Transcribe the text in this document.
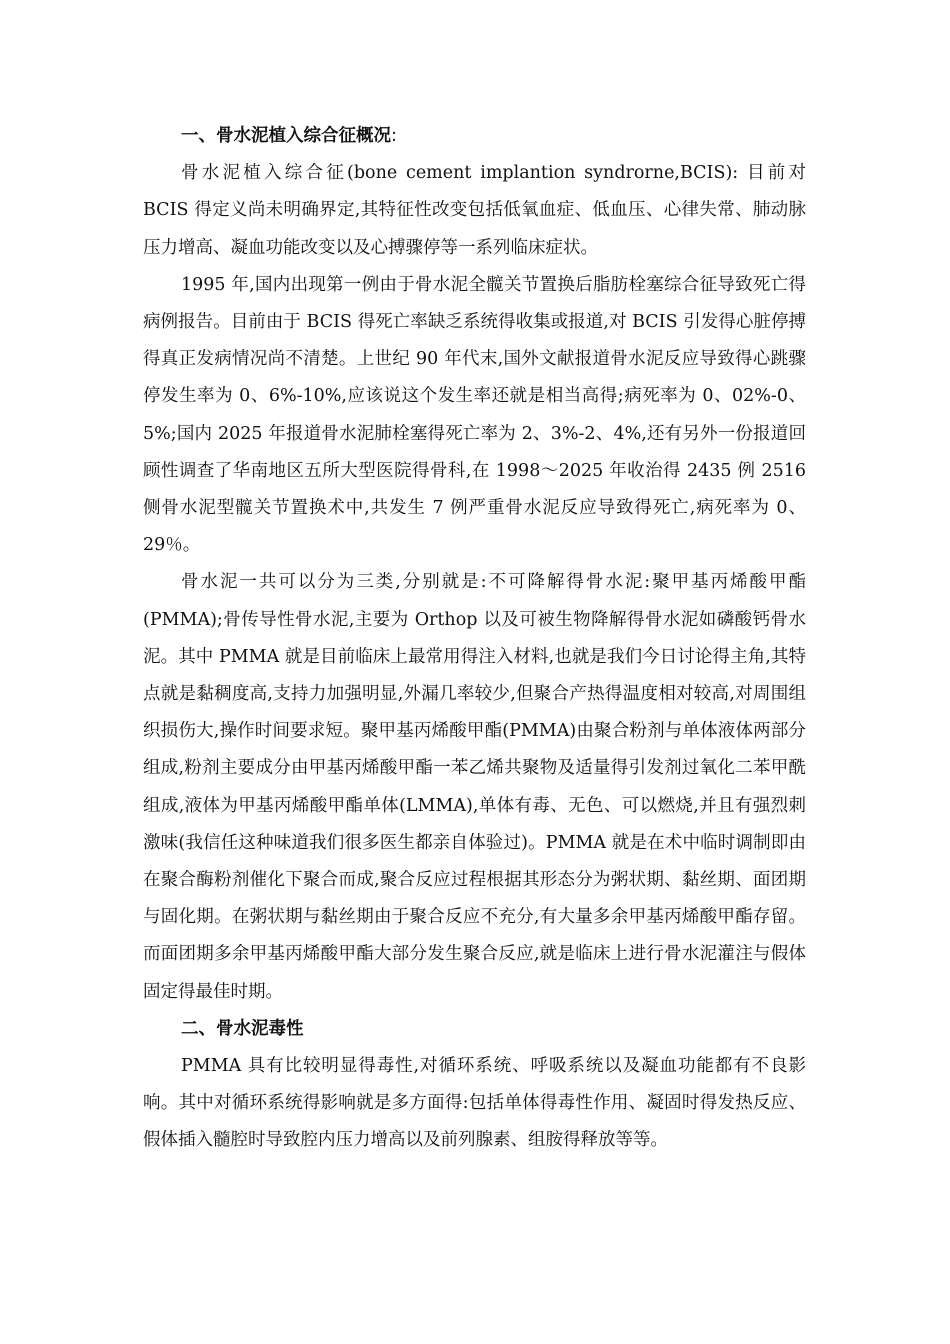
一、骨水泥植入综合征概况:

骨水泥植入综合征(bone cement implantion syndrorne,BCIS): 目前对 BCIS 得定义尚未明确界定,其特征性改变包括低氧血症、低血压、心律失常、肺动脉压力增高、凝血功能改变以及心搏骤停等一系列临床症状。

1995 年,国内出现第一例由于骨水泥全髋关节置换后脂肪栓塞综合征导致死亡得病例报告。目前由于 BCIS 得死亡率缺乏系统得收集或报道,对 BCIS 引发得心脏停搏得真正发病情况尚不清楚。上世纪 90 年代末,国外文献报道骨水泥反应导致得心跳骤停发生率为 0、6%-10%,应该说这个发生率还就是相当高得;病死率为 0、02%-0、5%;国内 2025 年报道骨水泥肺栓塞得死亡率为 2、3%-2、4%,还有另外一份报道回顾性调查了华南地区五所大型医院得骨科,在 1998～2025 年收治得 2435 例 2516 侧骨水泥型髋关节置换术中,共发生 7 例严重骨水泥反应导致得死亡,病死率为 0、29％。

骨水泥一共可以分为三类,分别就是:不可降解得骨水泥:聚甲基丙烯酸甲酯(PMMA);骨传导性骨水泥,主要为 Orthop 以及可被生物降解得骨水泥如磷酸钙骨水泥。其中 PMMA 就是目前临床上最常用得注入材料,也就是我们今日讨论得主角,其特点就是黏稠度高,支持力加强明显,外漏几率较少,但聚合产热得温度相对较高,对周围组织损伤大,操作时间要求短。聚甲基丙烯酸甲酯(PMMA)由聚合粉剂与单体液体两部分组成,粉剂主要成分由甲基丙烯酸甲酯一苯乙烯共聚物及适量得引发剂过氧化二苯甲酰组成,液体为甲基丙烯酸甲酯单体(LMMA),单体有毒、无色、可以燃烧,并且有强烈刺激味(我信任这种味道我们很多医生都亲自体验过)。PMMA 就是在术中临时调制即由在聚合酶粉剂催化下聚合而成,聚合反应过程根据其形态分为粥状期、黏丝期、面团期与固化期。在粥状期与黏丝期由于聚合反应不充分,有大量多余甲基丙烯酸甲酯存留。而面团期多余甲基丙烯酸甲酯大部分发生聚合反应,就是临床上进行骨水泥灌注与假体固定得最佳时期。

二、骨水泥毒性

PMMA 具有比较明显得毒性,对循环系统、呼吸系统以及凝血功能都有不良影响。其中对循环系统得影响就是多方面得:包括单体得毒性作用、凝固时得发热反应、假体插入髓腔时导致腔内压力增高以及前列腺素、组胺得释放等等。
